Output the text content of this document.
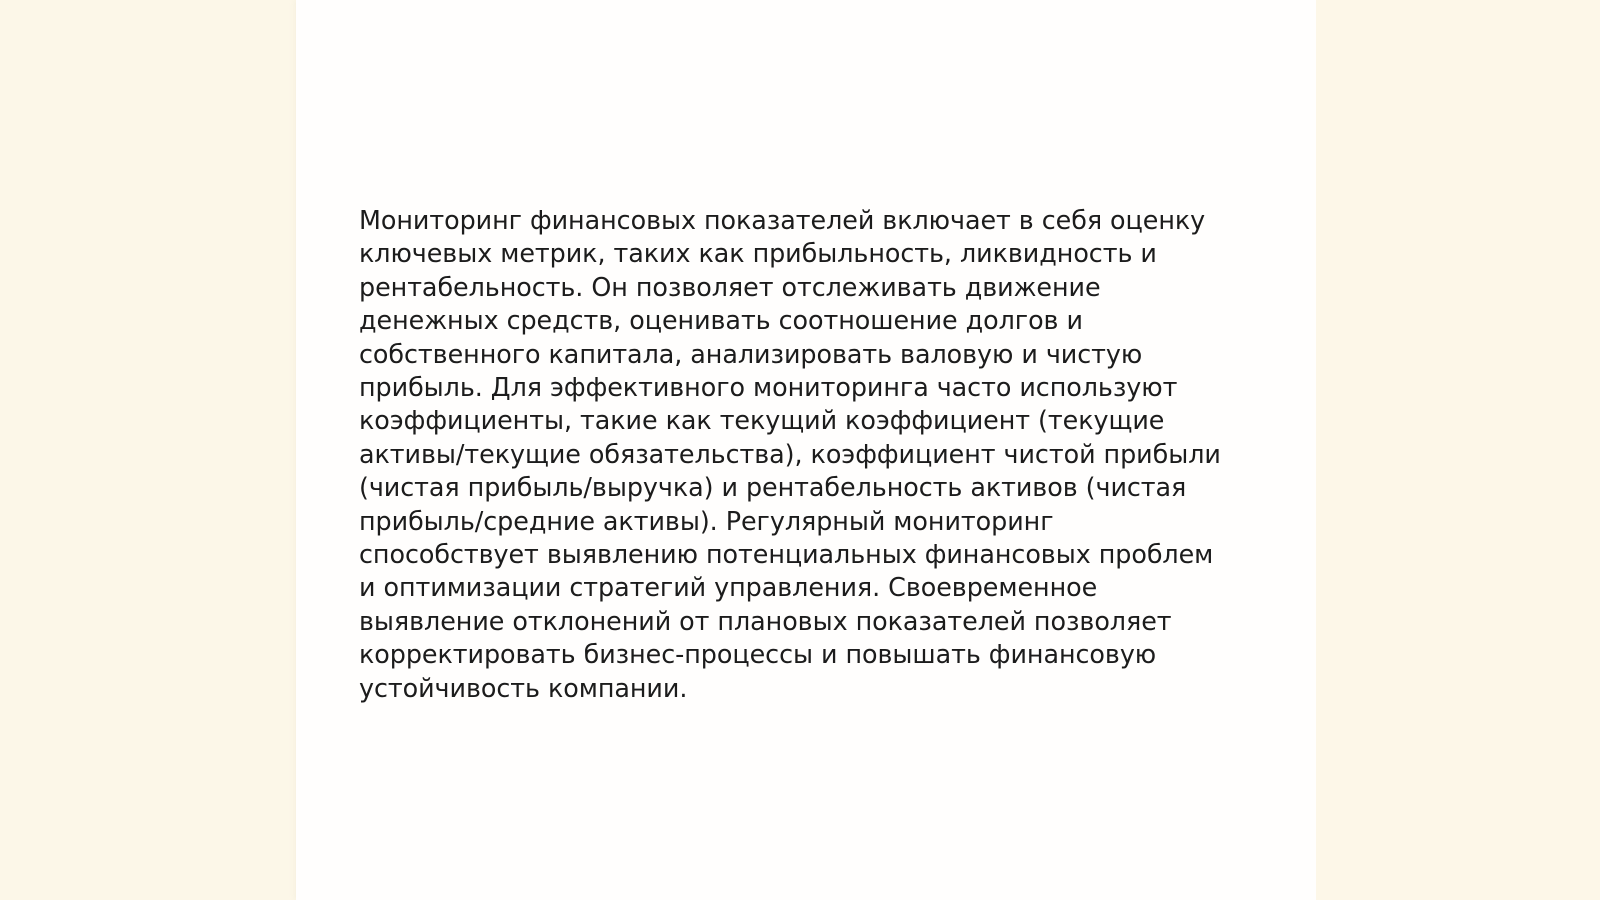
Мониторинг финансовых показателей включает в себя оценку
ключевых метрик, таких как прибыльность, ликвидность и
рентабельность. Он позволяет отслеживать движение
денежных средств, оценивать соотношение долгов и
собственного капитала, анализировать валовую и чистую
прибыль. Для эффективного мониторинга часто используют
коэффициенты, такие как текущий коэффициент (текущие
активы/текущие обязательства), коэффициент чистой прибыли
(чистая прибыль/выручка) и рентабельность активов (чистая
прибыль/средние активы). Регулярный мониторинг
способствует выявлению потенциальных финансовых проблем
и оптимизации стратегий управления. Своевременное
выявление отклонений от плановых показателей позволяет
корректировать бизнес-процессы и повышать финансовую
устойчивость компании.
